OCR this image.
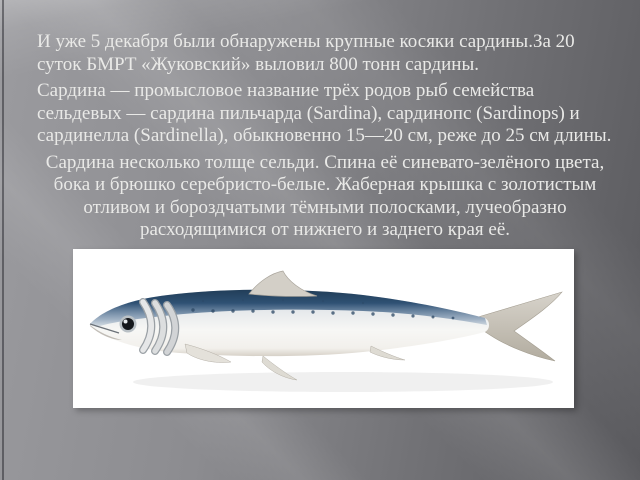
И уже 5 декабря были обнаружены крупные косяки сардины.За 20 суток БМРТ «Жуковский» выловил 800 тонн сардины.

Сардина — промысловое название трёх родов рыб семейства сельдевых — сардина пильчарда (Sardina), сардинопс (Sardinops) и сардинелла (Sardinella), обыкновенно 15—20 см, реже до 25 см длины.

Сардина несколько толще сельди. Спина её синевато-зелёного цвета, бока и брюшко серебристо-белые. Жаберная крышка с золотистым отливом и бороздчатыми тёмными полосками, лучеобразно расходящимися от нижнего и заднего края её.
